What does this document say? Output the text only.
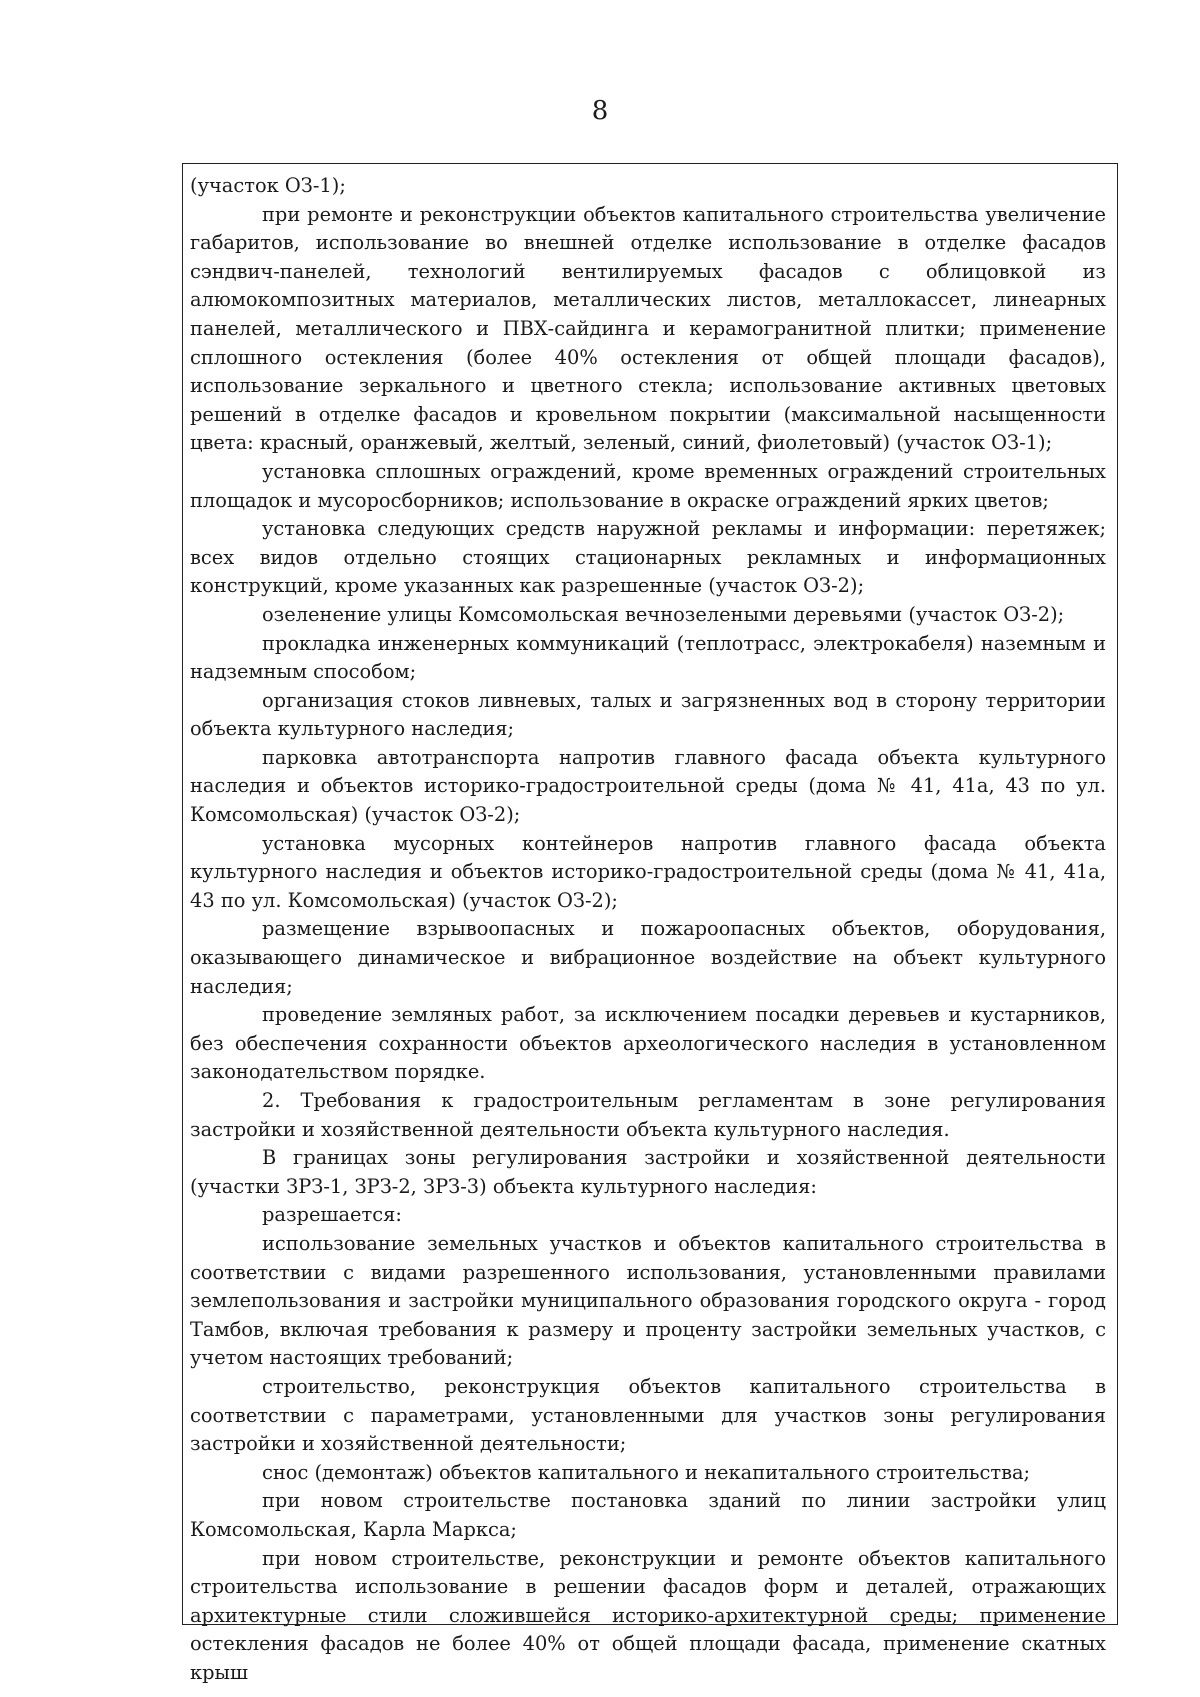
8

(участок ОЗ-1);

при ремонте и реконструкции объектов капитального строительства увеличение габаритов, использование во внешней отделке использование в отделке фасадов сэндвич-панелей, технологий вентилируемых фасадов с облицовкой из алюмокомпозитных материалов, металлических листов, металлокассет, линеарных панелей, металлического и ПВХ-сайдинга и керамогранитной плитки; применение сплошного остекления (более 40% остекления от общей площади фасадов), использование зеркального и цветного стекла; использование активных цветовых решений в отделке фасадов и кровельном покрытии (максимальной насыщенности цвета: красный, оранжевый, желтый, зеленый, синий, фиолетовый) (участок ОЗ-1);

установка сплошных ограждений, кроме временных ограждений строительных площадок и мусоросборников; использование в окраске ограждений ярких цветов;

установка следующих средств наружной рекламы и информации: перетяжек; всех видов отдельно стоящих стационарных рекламных и информационных конструкций, кроме указанных как разрешенные (участок ОЗ-2);

озеленение улицы Комсомольская вечнозелеными деревьями (участок ОЗ-2);

прокладка инженерных коммуникаций (теплотрасс, электрокабеля) наземным и надземным способом;

организация стоков ливневых, талых и загрязненных вод в сторону территории объекта культурного наследия;

парковка автотранспорта напротив главного фасада объекта культурного наследия и объектов историко-градостроительной среды (дома № 41, 41а, 43 по ул. Комсомольская) (участок ОЗ-2);

установка мусорных контейнеров напротив главного фасада объекта культурного наследия и объектов историко-градостроительной среды (дома № 41, 41а, 43 по ул. Комсомольская) (участок ОЗ-2);

размещение взрывоопасных и пожароопасных объектов, оборудования, оказывающего динамическое и вибрационное воздействие на объект культурного наследия;

проведение земляных работ, за исключением посадки деревьев и кустарников, без обеспечения сохранности объектов археологического наследия в установленном законодательством порядке.

2. Требования к градостроительным регламентам в зоне регулирования застройки и хозяйственной деятельности объекта культурного наследия.

В границах зоны регулирования застройки и хозяйственной деятельности (участки ЗРЗ-1, ЗРЗ-2, ЗРЗ-3) объекта культурного наследия:

разрешается:

использование земельных участков и объектов капитального строительства в соответствии с видами разрешенного использования, установленными правилами землепользования и застройки муниципального образования городского округа - город Тамбов, включая требования к размеру и проценту застройки земельных участков, с учетом настоящих требований;

строительство, реконструкция объектов капитального строительства в соответствии с параметрами, установленными для участков зоны регулирования застройки и хозяйственной деятельности;

снос (демонтаж) объектов капитального и некапитального строительства;

при новом строительстве постановка зданий по линии застройки улиц Комсомольская, Карла Маркса;

при новом строительстве, реконструкции и ремонте объектов капитального строительства использование в решении фасадов форм и деталей, отражающих архитектурные стили сложившейся историко-архитектурной среды; применение остекления фасадов не более 40% от общей площади фасада, применение скатных крыш
